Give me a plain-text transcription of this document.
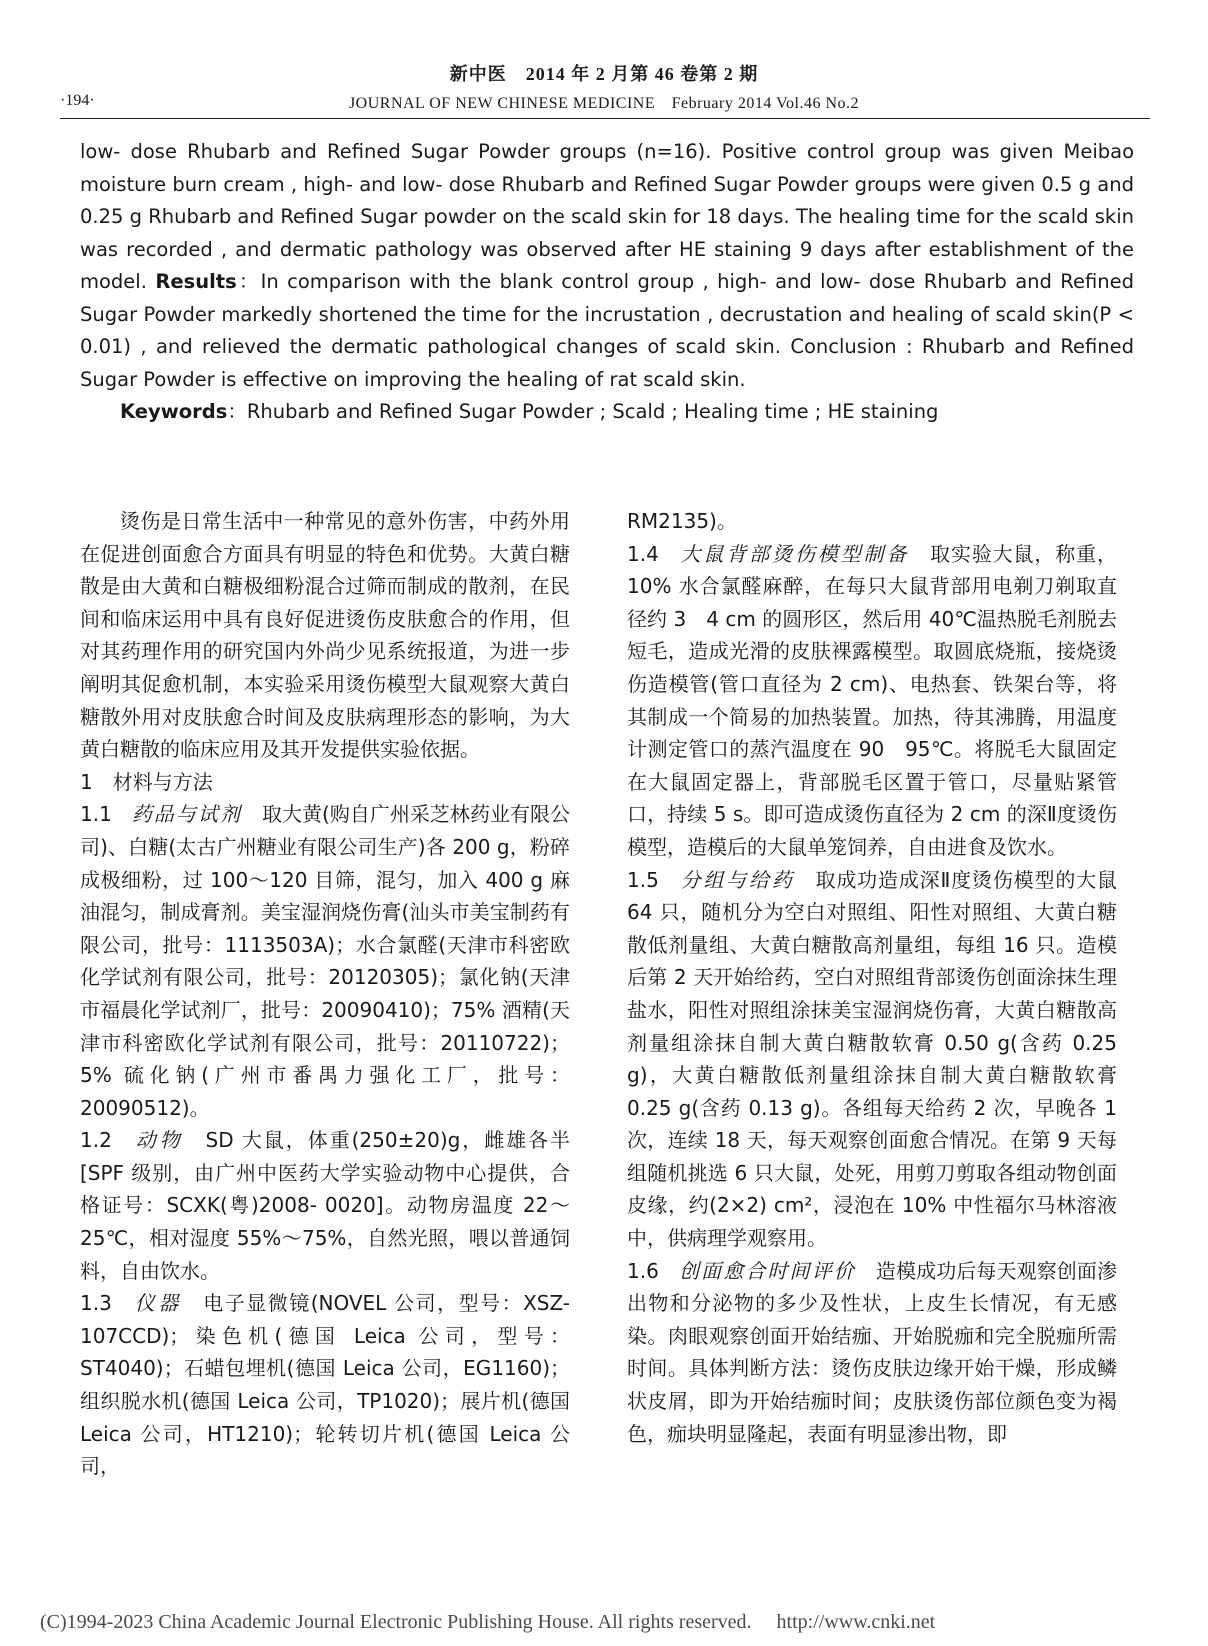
新中医　2014 年 2 月第 46 卷第 2 期
·194·	JOURNAL OF NEW CHINESE MEDICINE　February 2014 Vol.46 No.2

low- dose Rhubarb and Refined Sugar Powder groups (n=16). Positive control group was given Meibao moisture burn cream , high- and low- dose Rhubarb and Refined Sugar Powder groups were given 0.5 g and 0.25 g Rhubarb and Refined Sugar powder on the scald skin for 18 days. The healing time for the scald skin was recorded , and dermatic pathology was observed after HE staining 9 days after establishment of the model. Results：In comparison with the blank control group , high- and low- dose Rhubarb and Refined Sugar Powder markedly shortened the time for the incrustation , decrustation and healing of scald skin(P < 0.01) , and relieved the dermatic pathological changes of scald skin. Conclusion : Rhubarb and Refined Sugar Powder is effective on improving the healing of rat scald skin.

Keywords：Rhubarb and Refined Sugar Powder ; Scald ; Healing time ; HE staining

烫伤是日常生活中一种常见的意外伤害，中药外用在促进创面愈合方面具有明显的特色和优势。大黄白糖散是由大黄和白糖极细粉混合过筛而制成的散剂，在民间和临床运用中具有良好促进烫伤皮肤愈合的作用，但对其药理作用的研究国内外尚少见系统报道，为进一步阐明其促愈机制，本实验采用烫伤模型大鼠观察大黄白糖散外用对皮肤愈合时间及皮肤病理形态的影响，为大黄白糖散的临床应用及其开发提供实验依据。

1　材料与方法

1.1　 药品与试剂　取大黄(购自广州采芝林药业有限公司)、白糖(太古广州糖业有限公司生产)各 200 g，粉碎成极细粉，过 100～120 目筛，混匀，加入 400 g 麻油混匀，制成膏剂。美宝湿润烧伤膏(汕头市美宝制药有限公司，批号：1113503A)；水合氯醛(天津市科密欧化学试剂有限公司，批号：20120305)；氯化钠(天津市福晨化学试剂厂，批号：20090410)；75% 酒精(天津市科密欧化学试剂有限公司，批号：20110722)；5% 硫化钠(广州市番禺力强化工厂，批号：20090512)。

1.2　 动物　SD 大鼠，体重(250±20)g，雌雄各半[SPF 级别，由广州中医药大学实验动物中心提供，合格证号：SCXK(粤)2008- 0020]。动物房温度 22～25℃，相对湿度 55%～75%，自然光照，喂以普通饲料，自由饮水。

1.3　 仪器　电子显微镜(NOVEL 公司，型号：XSZ- 107CCD)；染色机(德国 Leica 公司，型号：ST4040)；石蜡包埋机(德国 Leica 公司，EG1160)；组织脱水机(德国 Leica 公司，TP1020)；展片机(德国 Leica 公司，HT1210)；轮转切片机(德国 Leica 公司，

RM2135)。

1.4　 大鼠背部烫伤模型制备　取实验大鼠，称重，10% 水合氯醛麻醉，在每只大鼠背部用电剃刀剃取直径约 3　4 cm 的圆形区，然后用 40℃温热脱毛剂脱去短毛，造成光滑的皮肤裸露模型。取圆底烧瓶，接烧烫伤造模管(管口直径为 2 cm)、电热套、铁架台等，将其制成一个简易的加热装置。加热，待其沸腾，用温度计测定管口的蒸汽温度在 90　95℃。将脱毛大鼠固定在大鼠固定器上，背部脱毛区置于管口，尽量贴紧管口，持续 5 s。即可造成烫伤直径为 2 cm 的深Ⅱ度烫伤模型，造模后的大鼠单笼饲养，自由进食及饮水。

1.5　 分组与给药　取成功造成深Ⅱ度烫伤模型的大鼠 64 只，随机分为空白对照组、阳性对照组、大黄白糖散低剂量组、大黄白糖散高剂量组，每组 16 只。造模后第 2 天开始给药，空白对照组背部烫伤创面涂抹生理盐水，阳性对照组涂抹美宝湿润烧伤膏，大黄白糖散高剂量组涂抹自制大黄白糖散软膏 0.50 g(含药 0.25 g)，大黄白糖散低剂量组涂抹自制大黄白糖散软膏 0.25 g(含药 0.13 g)。各组每天给药 2 次，早晚各 1 次，连续 18 天，每天观察创面愈合情况。在第 9 天每组随机挑选 6 只大鼠，处死，用剪刀剪取各组动物创面皮缘，约(2×2) cm²，浸泡在 10% 中性福尔马林溶液中，供病理学观察用。

1.6　 创面愈合时间评价　造模成功后每天观察创面渗出物和分泌物的多少及性状，上皮生长情况，有无感染。肉眼观察创面开始结痂、开始脱痂和完全脱痂所需时间。具体判断方法：烫伤皮肤边缘开始干燥，形成鳞状皮屑，即为开始结痂时间；皮肤烫伤部位颜色变为褐色，痂块明显隆起，表面有明显渗出物，即

(C)1994-2023 China Academic Journal Electronic Publishing House. All rights reserved.　 http://www.cnki.net
